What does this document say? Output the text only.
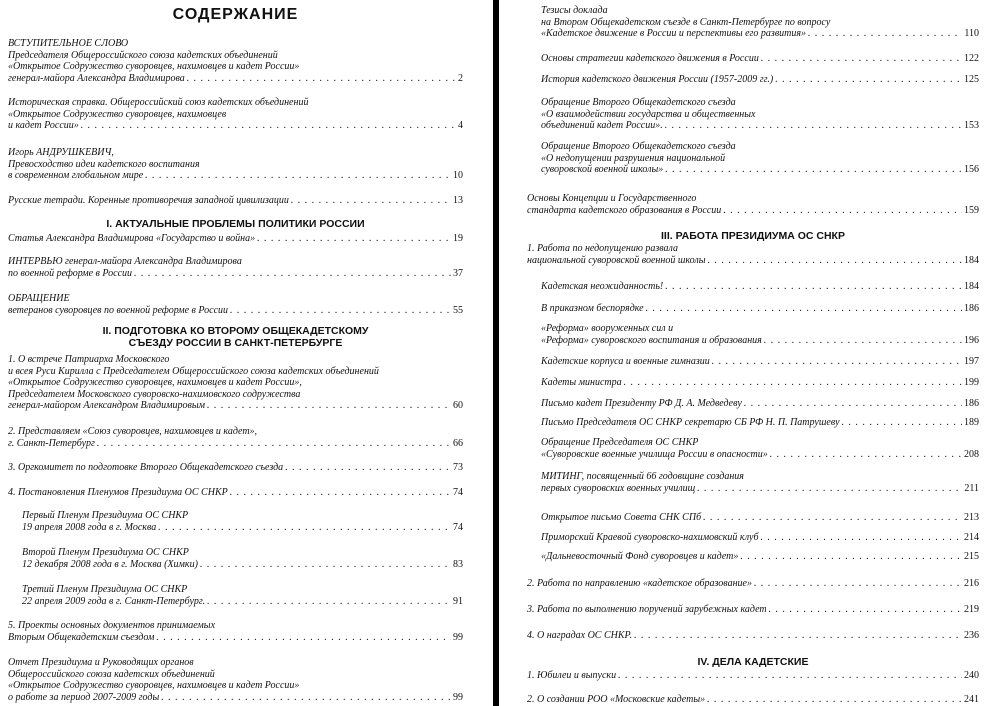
СОДЕРЖАНИЕ
ВСТУПИТЕЛЬНОЕ СЛОВО
Председателя Общероссийского союза кадетских объединений
«Открытое Содружество суворовцев, нахимовцев и кадет России»
генерал-майора Александра Владимирова . . .	2
Историческая справка. Общероссийский союз кадетских объединений
«Открытое Содружество суворовцев, нахимовцев
и кадет России» . . .	4
Игорь АНДРУШКЕВИЧ,
Превосходство идеи кадетского воспитания
в современном глобальном мире . . .	10
Русские тетради. Коренные противоречия западной цивилизации . . .	13
I. АКТУАЛЬНЫЕ ПРОБЛЕМЫ ПОЛИТИКИ РОССИИ
Статья Александра Владимирова «Государство и война» . . .	19
ИНТЕРВЬЮ генерал-майора Александра Владимирова
по военной реформе в России . . .	37
ОБРАЩЕНИЕ
ветеранов суворовцев по военной реформе в России . . .	55
II. ПОДГОТОВКА КО ВТОРОМУ ОБЩЕКАДЕТСКОМУ
СЪЕЗДУ РОССИИ В САНКТ-ПЕТЕРБУРГЕ
1. О встрече Патриарха Московского
и всея Руси Кирилла с Председателем Общероссийского союза кадетских объединений
«Открытое Содружество суворовцев, нахимовцев и кадет России»,
Председателем Московского суворовско-нахимовского содружества
генерал-майором Александром Владимировым . . .	60
2. Представляем «Союз суворовцев, нахимовцев и кадет»,
г. Санкт-Петербург . . .	66
3. Оргкомитет по подготовке Второго Общекадетского съезда . . .	73
4. Постановления Пленумов Президиума ОС СНКР . . .	74
Первый Пленум Президиума ОС СНКР
19 апреля 2008 года в г. Москва . . .	74
Второй Пленум Президиума ОС СНКР
12 декабря 2008 года в г. Москва (Химки) . . .	83
Третий Пленум Президиума ОС СНКР
22 апреля 2009 года в г. Санкт-Петербург. . . .	91
5. Проекты основных документов принимаемых
Вторым Общекадетским съездом . . .	99
Отчет Президиума и Руководящих органов
Общероссийского союза кадетских объединений
«Открытое Содружество суворовцев, нахимовцев и кадет России»
о работе за период 2007-2009 годы . . .	99
Тезисы доклада
на Втором Общекадетском съезде в Санкт-Петербурге по вопросу
«Кадетское движение в России и перспективы его развития» . . .	110
Основы стратегии кадетского движения в России . . .	122
История кадетского движения России (1957-2009 гг.) . . .	125
Обращение Второго Общекадетского съезда
«О взаимодействии государства и общественных
объединений кадет России». . . .	153
Обращение Второго Общекадетского съезда
«О недопущении разрушения национальной
суворовской военной школы» . . .	156
Основы Концепции и Государственного
стандарта кадетского образования в России . . .	159
III. РАБОТА ПРЕЗИДИУМА ОС СНКР
1. Работа по недопущению развала
национальной суворовской военной школы . . .	184
Кадетская неожиданность! . . .	184
В приказном беспорядке . . .	186
«Реформа» вооруженных сил и
«Реформа» суворовского воспитания и образования . . .	196
Кадетские корпуса и военные гимназии . . .	197
Кадеты министра . . .	199
Письмо кадет Президенту РФ Д. А. Медведеву . . .	186
Письмо Председателя ОС СНКР секретарю СБ РФ Н. П. Патрушеву . . .	189
Обращение Председателя ОС СНКР
«Суворовские военные училища России в опасности» . . .	208
МИТИНГ, посвященный 66 годовщине создания
первых суворовских военных училищ . . .	211
Открытое письмо Совета СНК СПб . . .	213
Приморский Краевой суворовско-нахимовский клуб . . .	214
«Дальневосточный Фонд суворовцев и кадет» . . .	215
2. Работа по направлению «кадетское образование» . . .	216
3. Работа по выполнению поручений зарубежных кадет . . .	219
4. О наградах ОС СНКР. . . .	236
IV. ДЕЛА КАДЕТСКИЕ
1. Юбилеи и выпуски . . .	240
2. О создании РОО «Московские кадеты» . . .	241
